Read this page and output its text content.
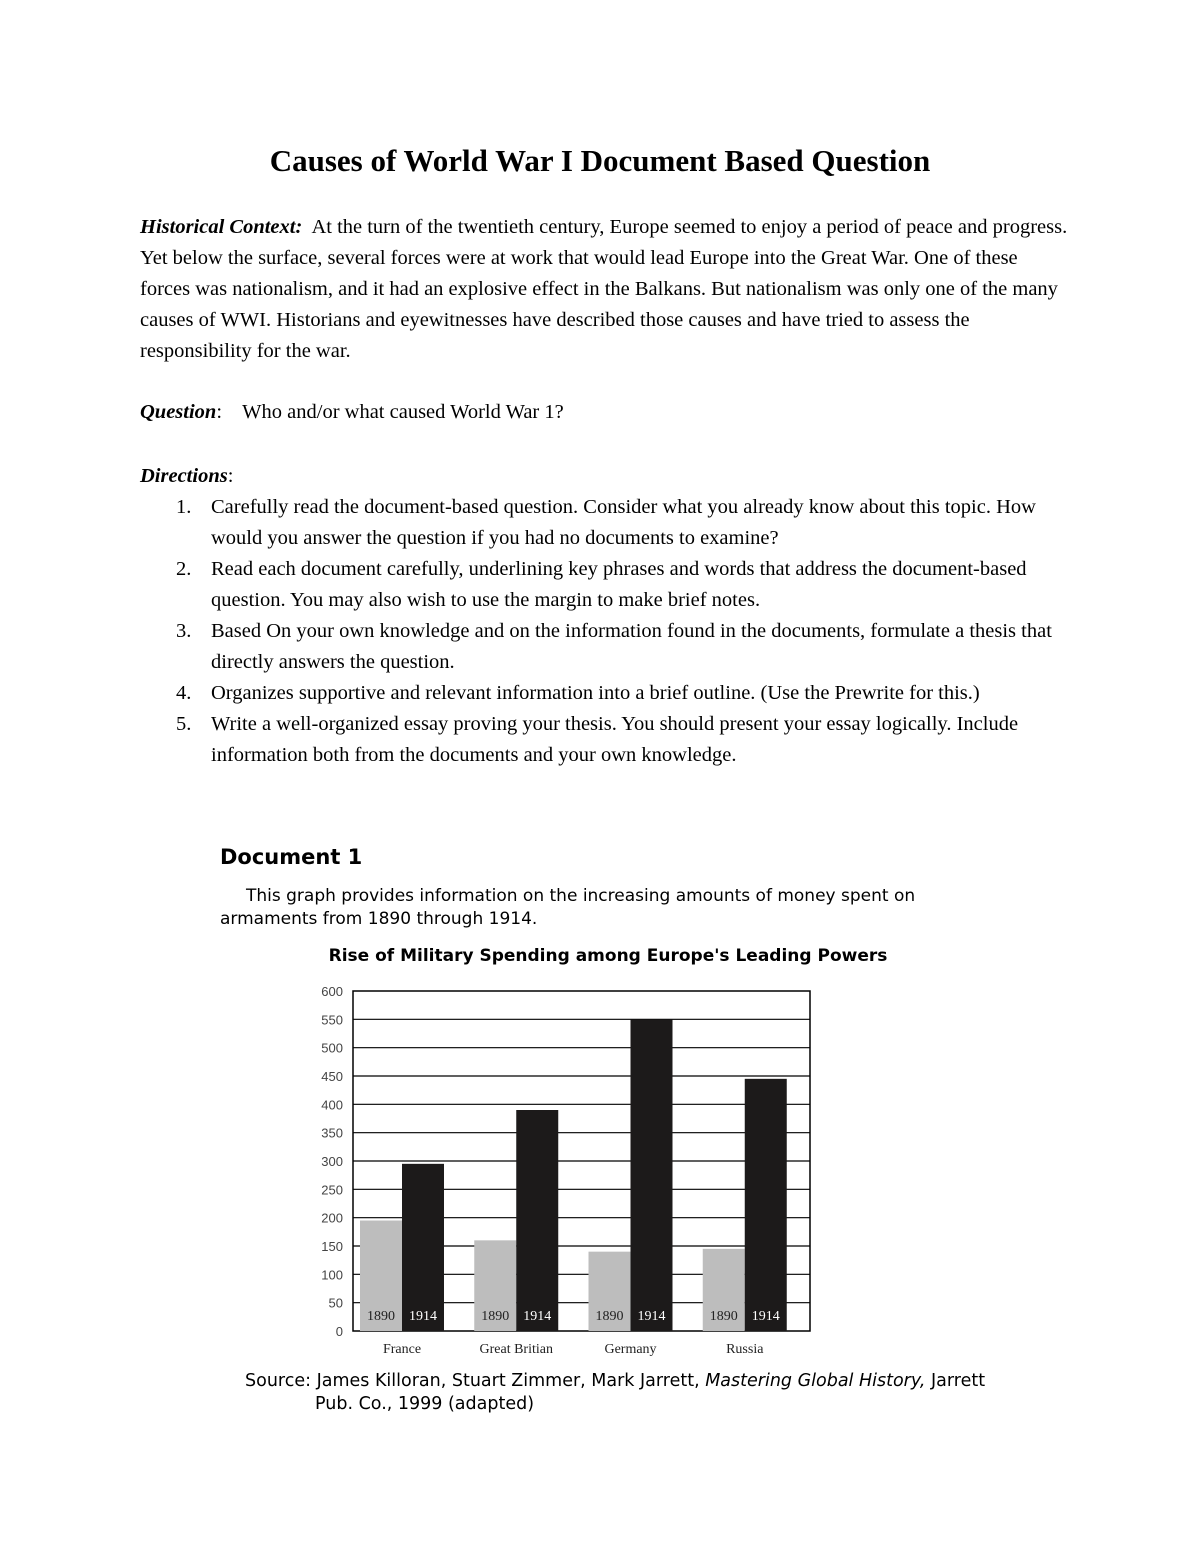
Causes of World War I Document Based Question
Historical Context: At the turn of the twentieth century, Europe seemed to enjoy a period of peace and progress. Yet below the surface, several forces were at work that would lead Europe into the Great War. One of these forces was nationalism, and it had an explosive effect in the Balkans. But nationalism was only one of the many causes of WWI. Historians and eyewitnesses have described those causes and have tried to assess the responsibility for the war.
Question: Who and/or what caused World War 1?
Directions:
1. Carefully read the document-based question. Consider what you already know about this topic. How would you answer the question if you had no documents to examine?
2. Read each document carefully, underlining key phrases and words that address the document-based question. You may also wish to use the margin to make brief notes.
3. Based On your own knowledge and on the information found in the documents, formulate a thesis that directly answers the question.
4. Organizes supportive and relevant information into a brief outline. (Use the Prewrite for this.)
5. Write a well-organized essay proving your thesis. You should present your essay logically. Include information both from the documents and your own knowledge.
Document 1
This graph provides information on the increasing amounts of money spent on armaments from 1890 through 1914.
Rise of Military Spending among Europe's Leading Powers
0
50
100
150
200
250
300
350
400
450
500
550
600
1890 1914
France
1890 1914
Great Britian
1890 1914
Germany
1890 1914
Russia
Source: James Killoran, Stuart Zimmer, Mark Jarrett, Mastering Global History, Jarrett
Pub. Co., 1999 (adapted)
